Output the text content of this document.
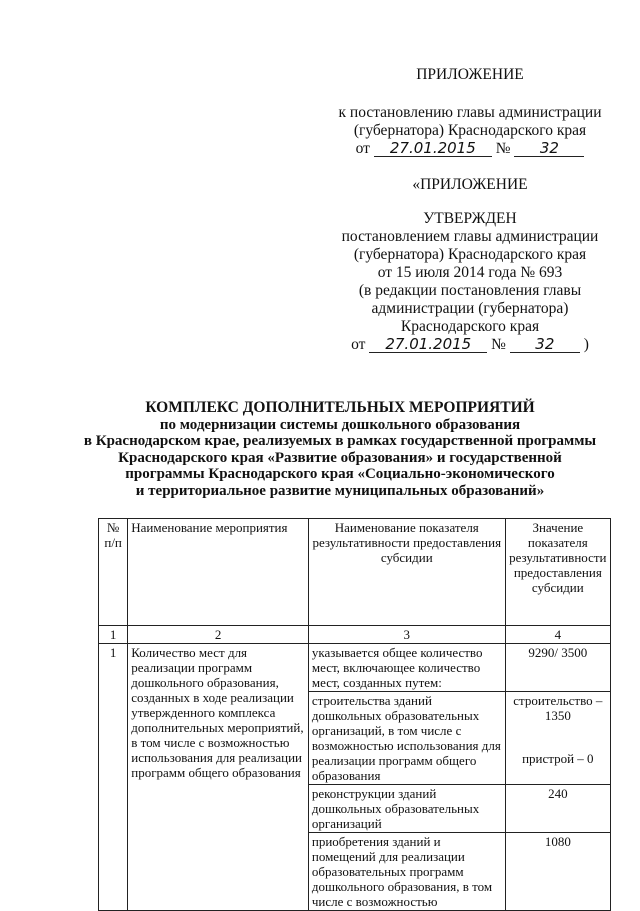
ПРИЛОЖЕНИЕ
к постановлению главы администрации
(губернатора) Краснодарского края
от 27.01.2015 № 32
«ПРИЛОЖЕНИЕ
УТВЕРЖДЕН
постановлением главы администрации
(губернатора) Краснодарского края
от 15 июля 2014 года № 693
(в редакции постановления главы
администрации (губернатора)
Краснодарского края
от 27.01.2015 № 32 )
КОМПЛЕКС ДОПОЛНИТЕЛЬНЫХ МЕРОПРИЯТИЙ
по модернизации системы дошкольного образования
в Краснодарском крае, реализуемых в рамках государственной программы
Краснодарского края «Развитие образования» и государственной
программы Краснодарского края «Социально-экономического
и территориальное развитие муниципальных образований»
№ п/п	Наименование мероприятия	Наименование показателя результативности предоставления субсидии	Значение показателя результативности предоставления субсидии
1	2	3	4
1	Количество мест для реализации программ дошкольного образования, созданных в ходе реализации утвержденного комплекса дополнительных мероприятий, в том числе с возможностью использования для реализации программ общего образования	указывается общее количество мест, включающее количество мест, созданных путем:	9290/ 3500
		строительства зданий дошкольных образовательных организаций, в том числе с возможностью использования для реализации программ общего образования	строительство – 1350
пристрой – 0

		реконструкции зданий дошкольных образовательных организаций	240
		приобретения зданий и помещений для реализации образовательных программ дошкольного образования, в том числе с возможностью	1080
